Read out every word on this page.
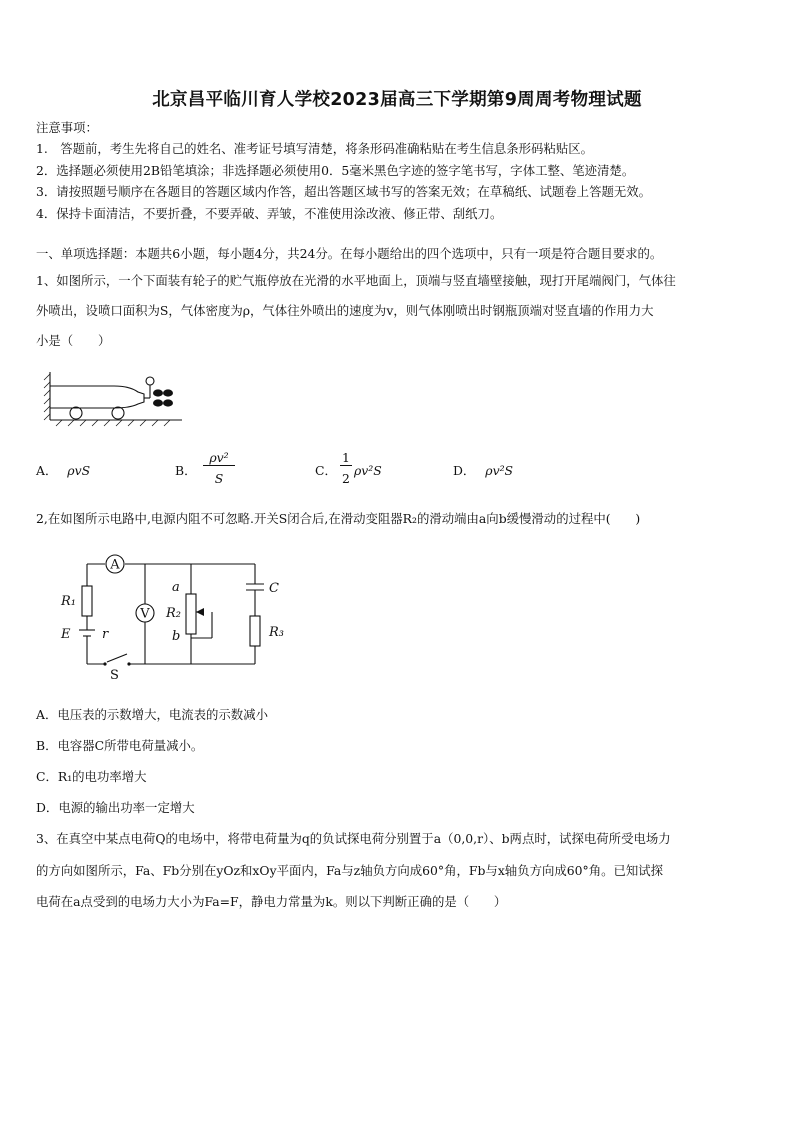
北京昌平临川育人学校2023届高三下学期第9周周考物理试题
注意事项：
1.　答题前，考生先将自己的姓名、准考证号填写清楚，将条形码准确粘贴在考生信息条形码粘贴区。
2．选择题必须使用2B铅笔填涂；非选择题必须使用0．5毫米黑色字迹的签字笔书写，字体工整、笔迹清楚。
3．请按照题号顺序在各题目的答题区域内作答，超出答题区域书写的答案无效；在草稿纸、试题卷上答题无效。
4．保持卡面清洁，不要折叠，不要弄破、弄皱，不准使用涂改液、修正带、刮纸刀。
一、单项选择题：本题共6小题，每小题4分，共24分。在每小题给出的四个选项中，只有一项是符合题目要求的。
1、如图所示，一个下面装有轮子的贮气瓶停放在光滑的水平地面上，顶端与竖直墙壁接触，现打开尾端阀门，气体往
外喷出，设喷口面积为S，气体密度为ρ，气体往外喷出的速度为v，则气体刚喷出时钢瓶顶端对竖直墙的作用力大
小是（　　）
A． ρvS	B．
ρv²
S
C．
1
2
ρv²S	D． ρv²S
2,在如图所示电路中,电源内阻不可忽略.开关S闭合后,在滑动变阻器R₂的滑动端由a向b缓慢滑动的过程中(　　)
A
V
R₁
R₂
R₃
a
b
C
E r
S
A．电压表的示数增大，电流表的示数减小
B．电容器C所带电荷量减小。
C．R₁的电功率增大
D．电源的输出功率一定增大
3、在真空中某点电荷Q的电场中，将带电荷量为q的负试探电荷分别置于a（0,0,r）、b两点时，试探电荷所受电场力
的方向如图所示，Fa、Fb分别在yOz和xOy平面内，Fa与z轴负方向成60°角，Fb与x轴负方向成60°角。已知试探
电荷在a点受到的电场力大小为Fa=F，静电力常量为k。则以下判断正确的是（　　）
